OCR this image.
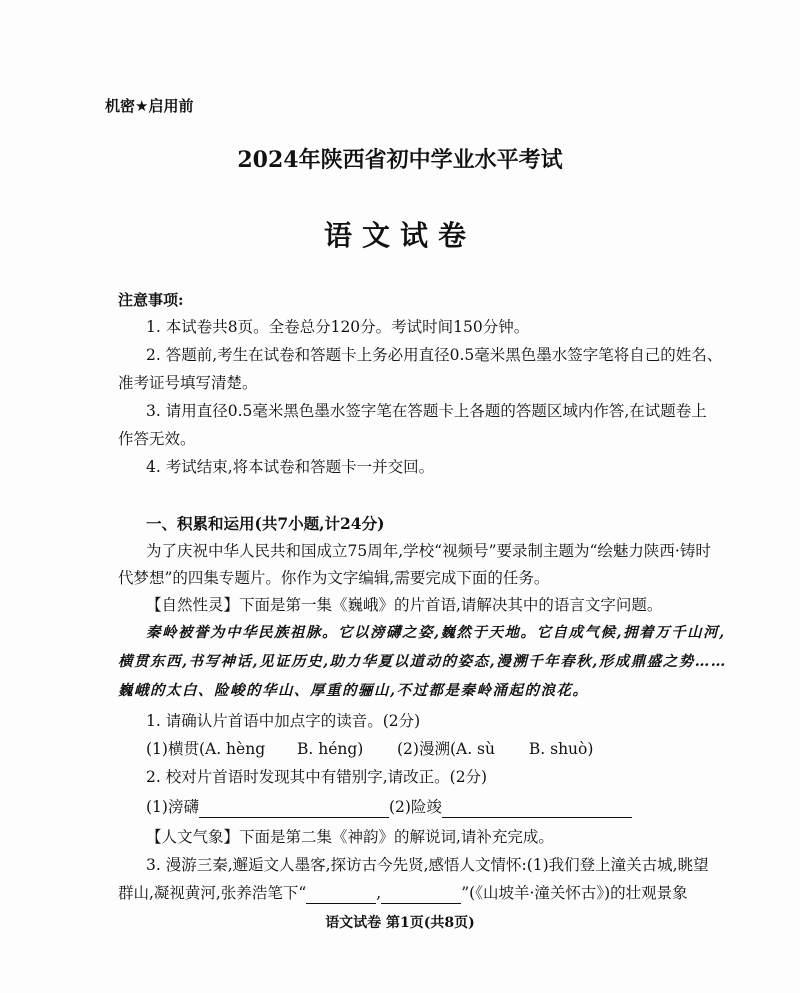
机密★启用前
2024年陕西省初中学业水平考试
语文试卷
注意事项:
1. 本试卷共8页。全卷总分120分。考试时间150分钟。
2. 答题前,考生在试卷和答题卡上务必用直径0.5毫米黑色墨水签字笔将自己的姓名、
准考证号填写清楚。
3. 请用直径0.5毫米黑色墨水签字笔在答题卡上各题的答题区域内作答,在试题卷上
作答无效。
4. 考试结束,将本试卷和答题卡一并交回。
一、积累和运用(共7小题,计24分)
为了庆祝中华人民共和国成立75周年,学校“视频号”要录制主题为“绘魅力陕西·铸时
代梦想”的四集专题片。你作为文字编辑,需要完成下面的任务。
【自然性灵】下面是第一集《巍峨》的片首语,请解决其中的语言文字问题。
秦岭被誉为中华民族祖脉。它以滂礴之姿,巍然于天地。它自成气候,拥着万千山河,
横贯东西,书写神话,见证历史,助力华夏以道动的姿态,漫溯千年春秋,形成鼎盛之势……
巍峨的太白、险峻的华山、厚重的骊山,不过都是秦岭涌起的浪花。
1. 请确认片首语中加点字的读音。(2分)
(1)横贯(A. hèng B. héng) (2)漫溯(A. sù B. shuò)
2. 校对片首语时发现其中有错别字,请改正。(2分)
(1)滂礴	(2)险竣
【人文气象】下面是第二集《神韵》的解说词,请补充完成。
3. 漫游三秦,邂逅文人墨客,探访古今先贤,感悟人文情怀:(1)我们登上潼关古城,眺望
群山,凝视黄河,张养浩笔下“	,	”(《山坡羊·潼关怀古》)的壮观景象
语文试卷 第1页(共8页)
